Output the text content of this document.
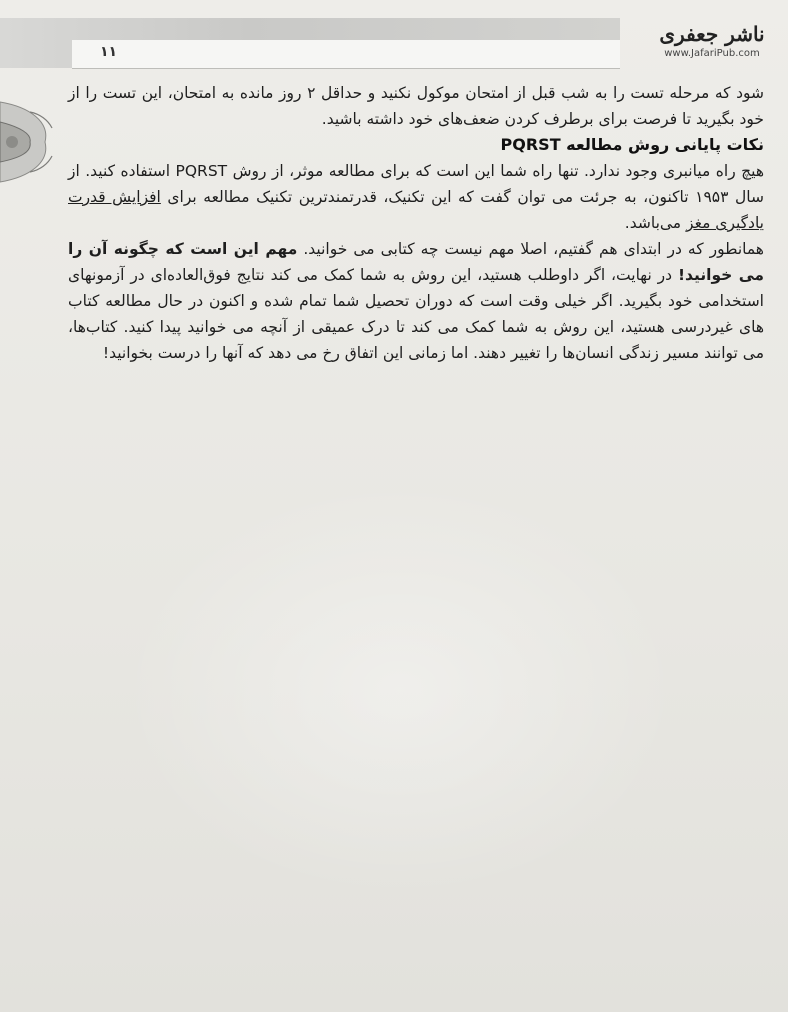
۱۱
ناشر جعفری
www.JafariPub.com

شود که مرحله تست را به شب قبل از امتحان موکول نکنید و حداقل ۲ روز مانده به امتحان، این تست را از خود بگیرید تا فرصت برای برطرف کردن ضعف‌های خود داشته باشید.

نکات پایانی روش مطالعه PQRST

هیچ راه میانبری وجود ندارد. تنها راه شما این است که برای مطالعه موثر، از روش PQRST استفاده کنید. از سال ۱۹۵۳ تاکنون، به جرئت می توان گفت که این تکنیک، قدرتمندترین تکنیک مطالعه برای افزایش قدرت یادگیری مغز می‌باشد.

همانطور که در ابتدای هم گفتیم، اصلا مهم نیست چه کتابی می خوانید. مهم این است که چگونه آن را می خوانید! در نهایت، اگر داوطلب هستید، این روش به شما کمک می کند نتایج فوق‌العاده‌ای در آزمونهای استخدامی خود بگیرید. اگر خیلی وقت است که دوران تحصیل شما تمام شده و اکنون در حال مطالعه کتاب های غیردرسی هستید، این روش به شما کمک می کند تا درک عمیقی از آنچه می خوانید پیدا کنید. کتاب‌ها، می توانند مسیر زندگی انسان‌ها را تغییر دهند. اما زمانی این اتفاق رخ می دهد که آنها را درست بخوانید!
